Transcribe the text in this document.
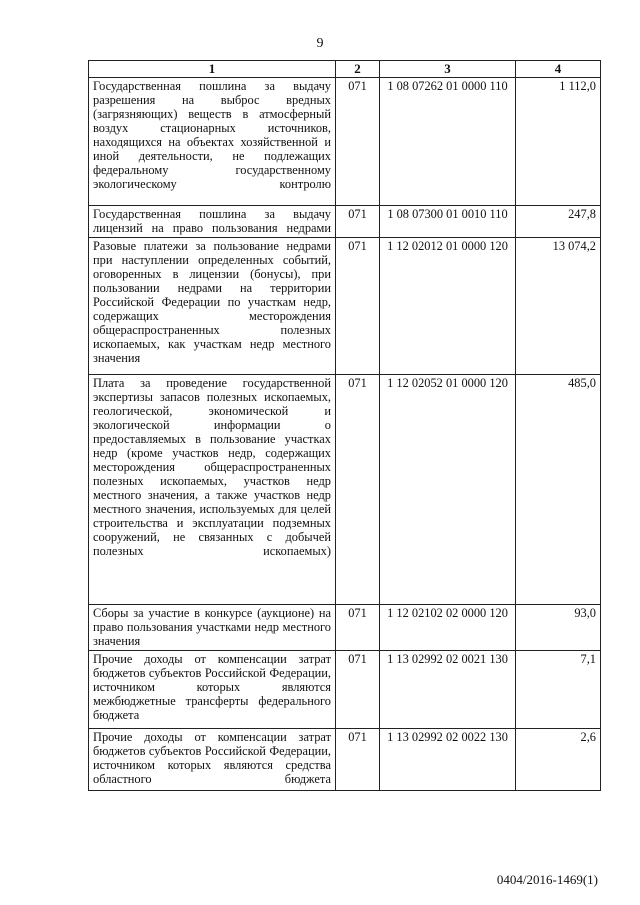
9
1	2	3	4
Государственная пошлина за выдачу разрешения на выброс вредных (загрязняющих) веществ в атмосферный воздух стационарных источников, находящихся на объектах хозяйственной и иной деятельности, не подлежащих федеральному государственному экологическому контролю	071	1 08 07262 01 0000 110	1 112,0
Государственная пошлина за выдачу лицензий на право пользования недрами	071	1 08 07300 01 0010 110	247,8
Разовые платежи за пользование недрами при наступлении определенных событий, оговоренных в лицензии (бонусы), при пользовании недрами на территории Российской Федерации по участкам недр, содержащих месторождения общераспространенных полезных ископаемых, как участкам недр местного значения	071	1 12 02012 01 0000 120	13 074,2
Плата за проведение государственной экспертизы запасов полезных ископаемых, геологической, экономической и экологической информации о предоставляемых в пользование участках недр (кроме участков недр, содержащих месторождения общераспространенных полезных ископаемых, участков недр местного значения, а также участков недр местного значения, используемых для целей строительства и эксплуатации подземных сооружений, не связанных с добычей полезных ископаемых)	071	1 12 02052 01 0000 120	485,0
Сборы за участие в конкурсе (аукционе) на право пользования участками недр местного значения	071	1 12 02102 02 0000 120	93,0
Прочие доходы от компенсации затрат бюджетов субъектов Российской Федерации, источником которых являются межбюджетные трансферты федерального бюджета	071	1 13 02992 02 0021 130	7,1
Прочие доходы от компенсации затрат бюджетов субъектов Российской Федерации, источником которых являются средства областного бюджета	071	1 13 02992 02 0022 130	2,6
0404/2016-1469(1)
